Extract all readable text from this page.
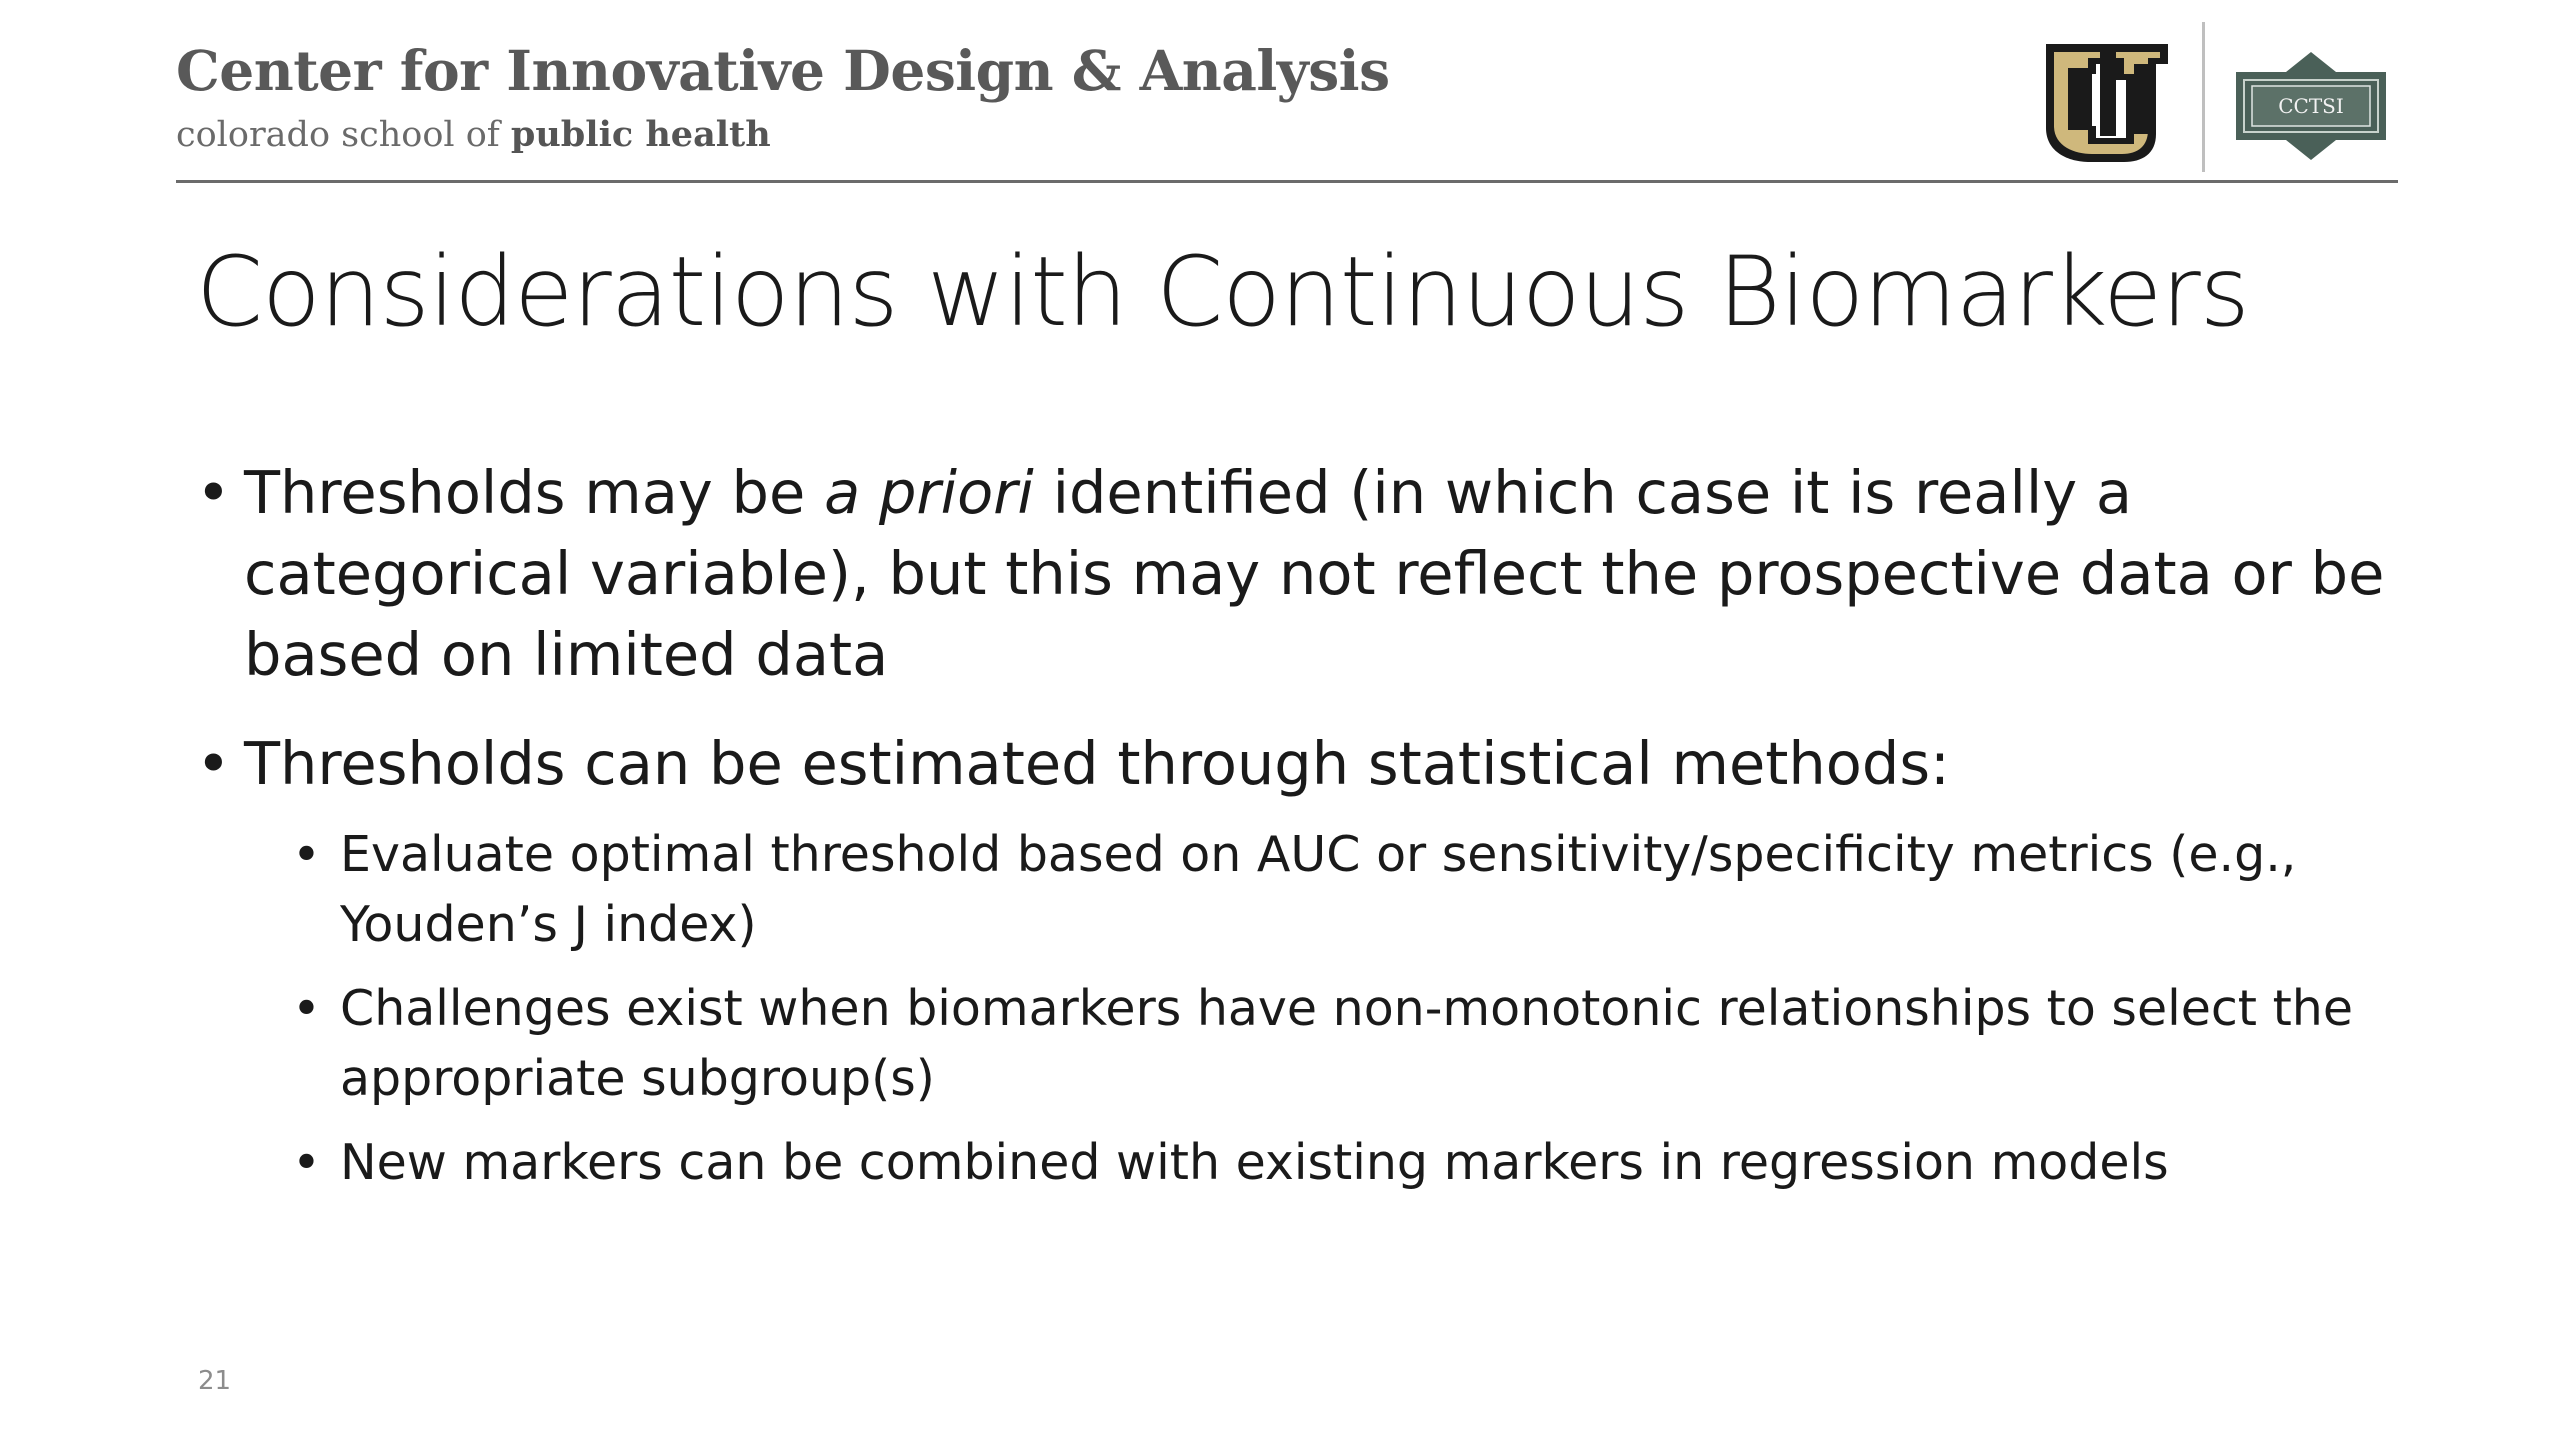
Center for Innovative Design & Analysis
colorado school of public health
CCTSI
Considerations with Continuous Biomarkers
• Thresholds may be a priori identified (in which case it is really a categorical variable), but this may not reflect the prospective data or be based on limited data
• Thresholds can be estimated through statistical methods:
• Evaluate optimal threshold based on AUC or sensitivity/specificity metrics (e.g., Youden’s J index)
• Challenges exist when biomarkers have non-monotonic relationships to select the appropriate subgroup(s)
• New markers can be combined with existing markers in regression models
21
